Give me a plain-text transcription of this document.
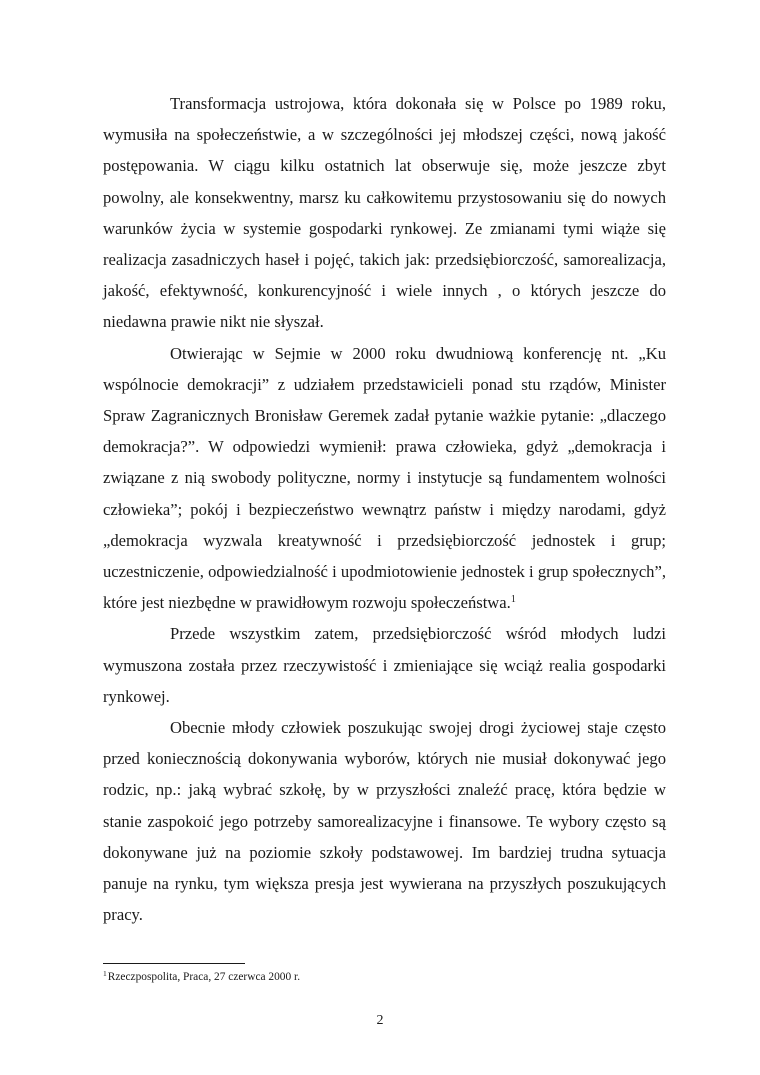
Transformacja ustrojowa, która dokonała się w Polsce po 1989 roku, wymusiła na społeczeństwie, a w szczególności jej młodszej części, nową jakość postępowania. W ciągu kilku ostatnich lat obserwuje się, może jeszcze zbyt powolny, ale konsekwentny, marsz ku całkowitemu przystosowaniu się do nowych warunków życia w systemie gospodarki rynkowej. Ze zmianami tymi wiąże się realizacja zasadniczych haseł i pojęć, takich jak: przedsiębiorczość, samorealizacja, jakość, efektywność, konkurencyjność i wiele innych , o których jeszcze do niedawna prawie nikt nie słyszał.

Otwierając w Sejmie w 2000 roku dwudniową konferencję nt. „Ku wspólnocie demokracji” z udziałem przedstawicieli ponad stu rządów, Minister Spraw Zagranicznych Bronisław Geremek zadał pytanie ważkie pytanie: „dlaczego demokracja?”. W odpowiedzi wymienił: prawa człowieka, gdyż „demokracja i związane z nią swobody polityczne, normy i instytucje są fundamentem wolności człowieka”; pokój i bezpieczeństwo wewnątrz państw i między narodami, gdyż „demokracja wyzwala kreatywność i przedsiębiorczość jednostek i grup; uczestniczenie, odpowiedzialność i upodmiotowienie jednostek i grup społecznych”, które jest niezbędne w prawidłowym rozwoju społeczeństwa.$^1$

Przede wszystkim zatem, przedsiębiorczość wśród młodych ludzi wymuszona została przez rzeczywistość i zmieniające się wciąż realia gospodarki rynkowej.

Obecnie młody człowiek poszukując swojej drogi życiowej staje często przed koniecznością dokonywania wyborów, których nie musiał dokonywać jego rodzic, np.: jaką wybrać szkołę, by w przyszłości znaleźć pracę, która będzie w stanie zaspokoić jego potrzeby samorealizacyjne i finansowe. Te wybory często są dokonywane już na poziomie szkoły podstawowej. Im bardziej trudna sytuacja panuje na rynku, tym większa presja jest wywierana na przyszłych poszukujących pracy.

$^1$Rzeczpospolita, Praca, 27 czerwca 2000 r.
2
